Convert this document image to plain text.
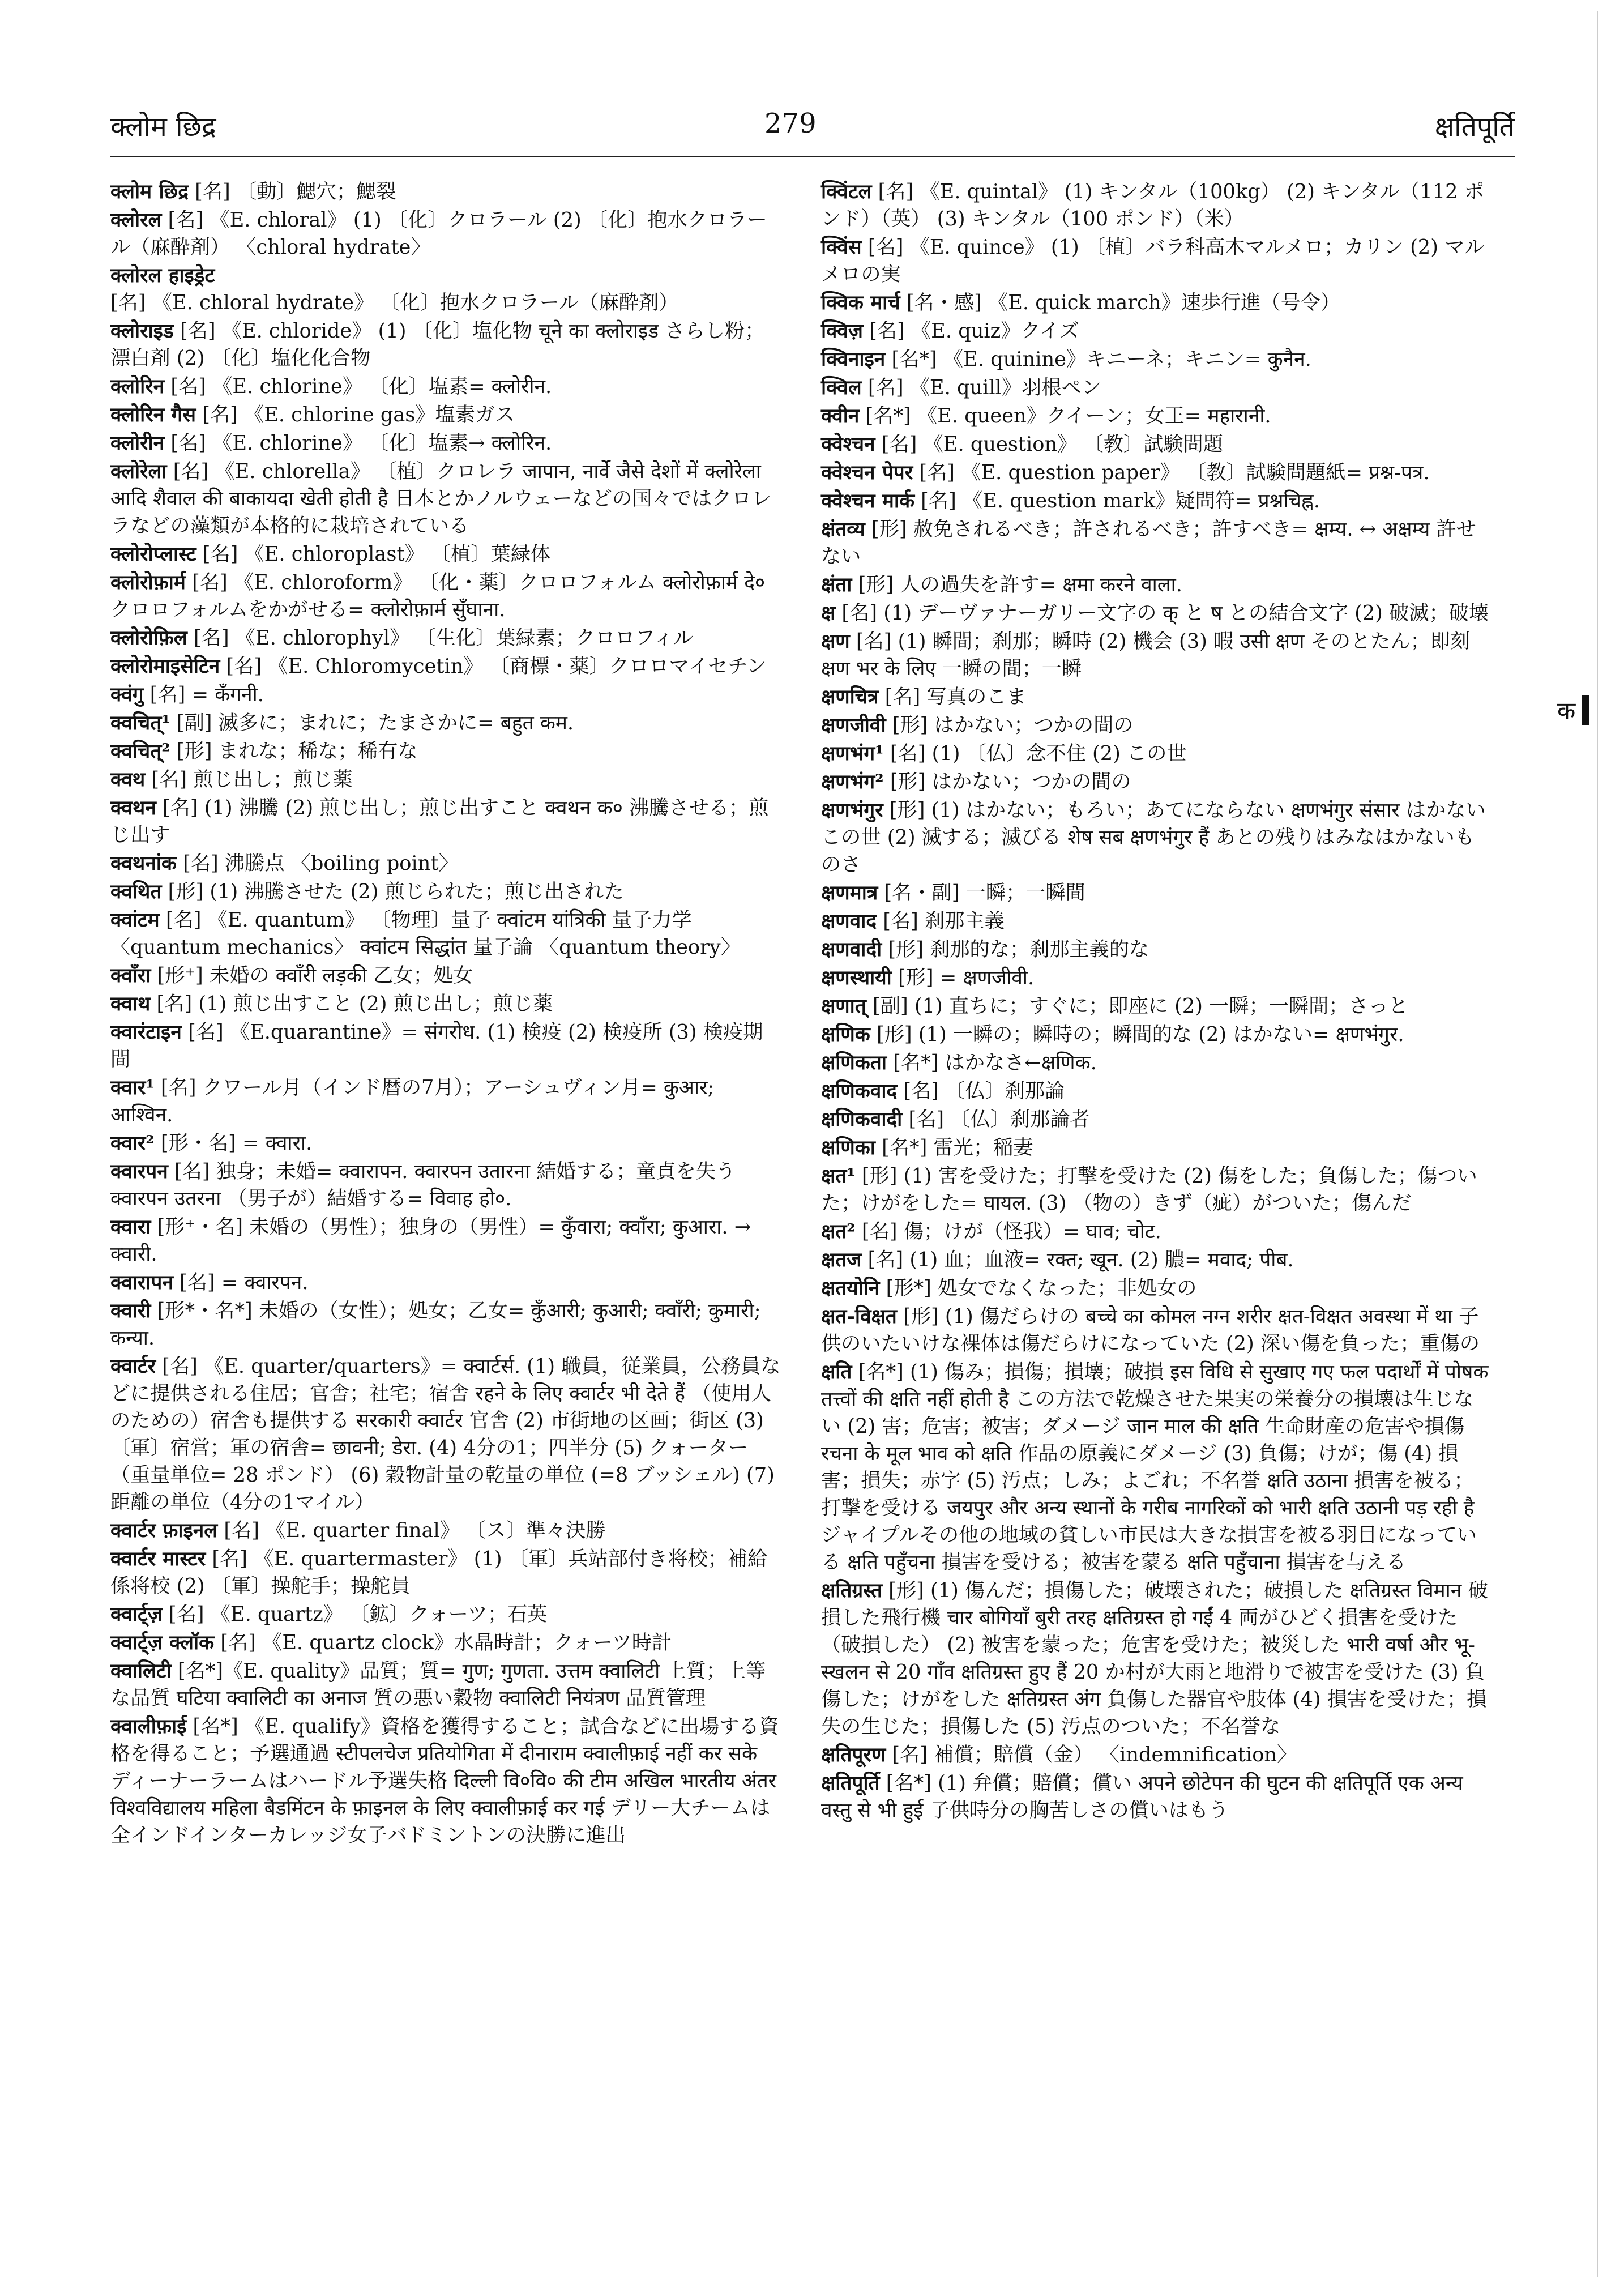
क्लोम छिद्र	279	क्षतिपूर्ति
क्लोम छिद्र [名] 〔動〕鰓穴；鰓裂
क्लोरल [名] 《E. chloral》 (1) 〔化〕クロラール (2) 〔化〕抱水クロラール（麻酔剤） 〈chloral hydrate〉
क्लोरल हाइड्रेट [名] 《E. chloral hydrate》 〔化〕抱水クロラール（麻酔剤）
क्लोराइड [名] 《E. chloride》 (1) 〔化〕塩化物 चूने का क्लोराइड さらし粉；漂白剤 (2) 〔化〕塩化化合物
क्लोरिन [名] 《E. chlorine》 〔化〕塩素= क्लोरीन.
क्लोरिन गैस [名] 《E. chlorine gas》塩素ガス
क्लोरीन [名] 《E. chlorine》 〔化〕塩素→ क्लोरिन.
क्लोरेला [名] 《E. chlorella》 〔植〕クロレラ जापान, नार्वे जैसे देशों में क्लोरेला आदि शैवाल की बाकायदा खेती होती है 日本とかノルウェーなどの国々ではクロレラなどの藻類が本格的に栽培されている
क्लोरोप्लास्ट [名] 《E. chloroplast》 〔植〕葉緑体
क्लोरोफ़ार्म [名] 《E. chloroform》 〔化・薬〕クロロフォルム क्लोरोफ़ार्म दे० クロロフォルムをかがせる= क्लोरोफ़ार्म सुँघाना.
क्लोरोफ़िल [名] 《E. chlorophyl》 〔生化〕葉緑素；クロロフィル
क्लोरोमाइसेटिन [名] 《E. Chloromycetin》 〔商標・薬〕クロロマイセチン
क्वंगु [名] = कँगनी.
क्वचित्¹ [副] 滅多に；まれに；たまさかに= बहुत कम.
क्वचित्² [形] まれな；稀な；稀有な
क्वथ [名] 煎じ出し；煎じ薬
क्वथन [名] (1) 沸騰 (2) 煎じ出し；煎じ出すこと क्वथन क० 沸騰させる；煎じ出す
क्वथनांक [名] 沸騰点 〈boiling point〉
क्वथित [形] (1) 沸騰させた (2) 煎じられた；煎じ出された
क्वांटम [名] 《E. quantum》 〔物理〕量子 क्वांटम यांत्रिकी 量子力学 〈quantum mechanics〉 क्वांटम सिद्धांत 量子論 〈quantum theory〉
क्वाँरा [形⁺] 未婚の क्वाँरी लड़की 乙女；処女
क्वाथ [名] (1) 煎じ出すこと (2) 煎じ出し；煎じ薬
क्वारंटाइन [名] 《E.quarantine》= संगरोध. (1) 検疫 (2) 検疫所 (3) 検疫期間
क्वार¹ [名] クワール月（インド暦の7月）；アーシュヴィン月= कुआर; आश्विन.
क्वार² [形・名] = क्वारा.
क्वारपन [名] 独身；未婚= क्वारापन. क्वारपन उतारना 結婚する；童貞を失う क्वारपन उतरना （男子が）結婚する= विवाह हो०.
क्वारा [形⁺・名] 未婚の（男性）；独身の（男性）= कुँवारा; क्वाँरा; कुआरा. → क्वारी.
क्वारापन [名] = क्वारपन.
क्वारी [形*・名*] 未婚の（女性）；処女；乙女= कुँआरी; कुआरी; क्वाँरी; कुमारी; कन्या.
क्वार्टर [名] 《E. quarter/quarters》= क्वार्टर्स. (1) 職員，従業員，公務員などに提供される住居；官舎；社宅；宿舎 रहने के लिए क्वार्टर भी देते हैं （使用人のための）宿舎も提供する सरकारी क्वार्टर 官舎 (2) 市街地の区画；街区 (3) 〔軍〕宿営；軍の宿舎= छावनी; डेरा. (4) 4分の1；四半分 (5) クォーター（重量単位= 28 ポンド） (6) 穀物計量の乾量の単位 (=8 ブッシェル) (7) 距離の単位（4分の1マイル）
क्वार्टर फ़ाइनल [名] 《E. quarter final》 〔ス〕準々決勝
क्वार्टर मास्टर [名] 《E. quartermaster》 (1) 〔軍〕兵站部付き将校；補給係将校 (2) 〔軍〕操舵手；操舵員
क्वार्ट्ज़ [名] 《E. quartz》 〔鉱〕クォーツ；石英
क्वार्ट्ज़ क्लॉक [名] 《E. quartz clock》水晶時計；クォーツ時計
क्वालिटी [名*]《E. quality》品質；質= गुण; गुणता. उत्तम क्वालिटी 上質；上等な品質 घटिया क्वालिटी का अनाज 質の悪い穀物 क्वालिटी नियंत्रण 品質管理
क्वालीफ़ाई [名*] 《E. qualify》資格を獲得すること；試合などに出場する資格を得ること；予選通過 स्टीपलचेज प्रतियोगिता में दीनाराम क्वालीफ़ाई नहीं कर सके ディーナーラームはハードル予選失格 दिल्ली वि०वि० की टीम अखिल भारतीय अंतर विश्वविद्यालय महिला बैडमिंटन के फ़ाइनल के लिए क्वालीफ़ाई कर गई デリー大チームは全インドインターカレッジ女子バドミントンの決勝に進出
क्विंटल [名] 《E. quintal》 (1) キンタル（100kg） (2) キンタル（112 ポンド）（英） (3) キンタル（100 ポンド）（米）
क्विंस [名] 《E. quince》 (1) 〔植〕バラ科高木マルメロ；カリン (2) マルメロの実
क्विक मार्च [名・感] 《E. quick march》速歩行進（号令）
क्विज़ [名] 《E. quiz》クイズ
क्विनाइन [名*] 《E. quinine》キニーネ；キニン= कुनैन.
क्विल [名] 《E. quill》羽根ペン
क्वीन [名*] 《E. queen》クイーン；女王= महारानी.
क्वेश्चन [名] 《E. question》 〔教〕試験問題
क्वेश्चन पेपर [名] 《E. question paper》 〔教〕試験問題紙= प्रश्न-पत्र.
क्वेश्चन मार्क [名] 《E. question mark》疑問符= प्रश्नचिह्न.
क्षंतव्य [形] 赦免されるべき；許されるべき；許すべき= क्षम्य. ↔ अक्षम्य 許せない
क्षंता [形] 人の過失を許す= क्षमा करने वाला.
क्ष [名] (1) デーヴァナーガリー文字の क् と ष との結合文字 (2) 破滅；破壊
क्षण [名] (1) 瞬間；刹那；瞬時 (2) 機会 (3) 暇 उसी क्षण そのとたん；即刻 क्षण भर के लिए 一瞬の間；一瞬
क्षणचित्र [名] 写真のこま
क्षणजीवी [形] はかない；つかの間の
क्षणभंग¹ [名] (1) 〔仏〕念不住 (2) この世
क्षणभंग² [形] はかない；つかの間の
क्षणभंगुर [形] (1) はかない；もろい；あてにならない क्षणभंगुर संसार はかないこの世 (2) 滅する；滅びる शेष सब क्षणभंगुर हैं あとの残りはみなはかないものさ
क्षणमात्र [名・副] 一瞬；一瞬間
क्षणवाद [名] 刹那主義
क्षणवादी [形] 刹那的な；刹那主義的な
क्षणस्थायी [形] = क्षणजीवी.
क्षणात् [副] (1) 直ちに；すぐに；即座に (2) 一瞬；一瞬間；さっと
क्षणिक [形] (1) 一瞬の；瞬時の；瞬間的な (2) はかない= क्षणभंगुर.
क्षणिकता [名*] はかなさ←क्षणिक.
क्षणिकवाद [名] 〔仏〕刹那論
क्षणिकवादी [名] 〔仏〕刹那論者
क्षणिका [名*] 雷光；稲妻
क्षत¹ [形] (1) 害を受けた；打撃を受けた (2) 傷をした；負傷した；傷ついた；けがをした= घायल. (3) （物の）きず（疵）がついた；傷んだ
क्षत² [名] 傷；けが（怪我）= घाव; चोट.
क्षतज [名] (1) 血；血液= रक्त; खून. (2) 膿= मवाद; पीब.
क्षतयोनि [形*] 処女でなくなった；非処女の
क्षत-विक्षत [形] (1) 傷だらけの बच्चे का कोमल नग्न शरीर क्षत-विक्षत अवस्था में था 子供のいたいけな裸体は傷だらけになっていた (2) 深い傷を負った；重傷の
क्षति [名*] (1) 傷み；損傷；損壊；破損 इस विधि से सुखाए गए फल पदार्थों में पोषक तत्त्वों की क्षति नहीं होती है この方法で乾燥させた果実の栄養分の損壊は生じない (2) 害；危害；被害；ダメージ जान माल की क्षति 生命財産の危害や損傷 रचना के मूल भाव को क्षति 作品の原義にダメージ (3) 負傷；けが；傷 (4) 損害；損失；赤字 (5) 汚点；しみ；よごれ；不名誉 क्षति उठाना 損害を被る；打撃を受ける जयपुर और अन्य स्थानों के गरीब नागरिकों को भारी क्षति उठानी पड़ रही है ジャイプルその他の地域の貧しい市民は大きな損害を被る羽目になっている क्षति पहुँचना 損害を受ける；被害を蒙る क्षति पहुँचाना 損害を与える
क्षतिग्रस्त [形] (1) 傷んだ；損傷した；破壊された；破損した क्षतिग्रस्त विमान 破損した飛行機 चार बोगियाँ बुरी तरह क्षतिग्रस्त हो गईं 4 両がひどく損害を受けた（破損した） (2) 被害を蒙った；危害を受けた；被災した भारी वर्षा और भू-स्खलन से 20 गाँव क्षतिग्रस्त हुए हैं 20 か村が大雨と地滑りで被害を受けた (3) 負傷した；けがをした क्षतिग्रस्त अंग 負傷した器官や肢体 (4) 損害を受けた；損失の生じた；損傷した (5) 汚点のついた；不名誉な
क्षतिपूरण [名] 補償；賠償（金） 〈indemnification〉
क्षतिपूर्ति [名*] (1) 弁償；賠償；償い अपने छोटेपन की घुटन की क्षतिपूर्ति एक अन्य वस्तु से भी हुई 子供時分の胸苦しさの償いはもう
क
